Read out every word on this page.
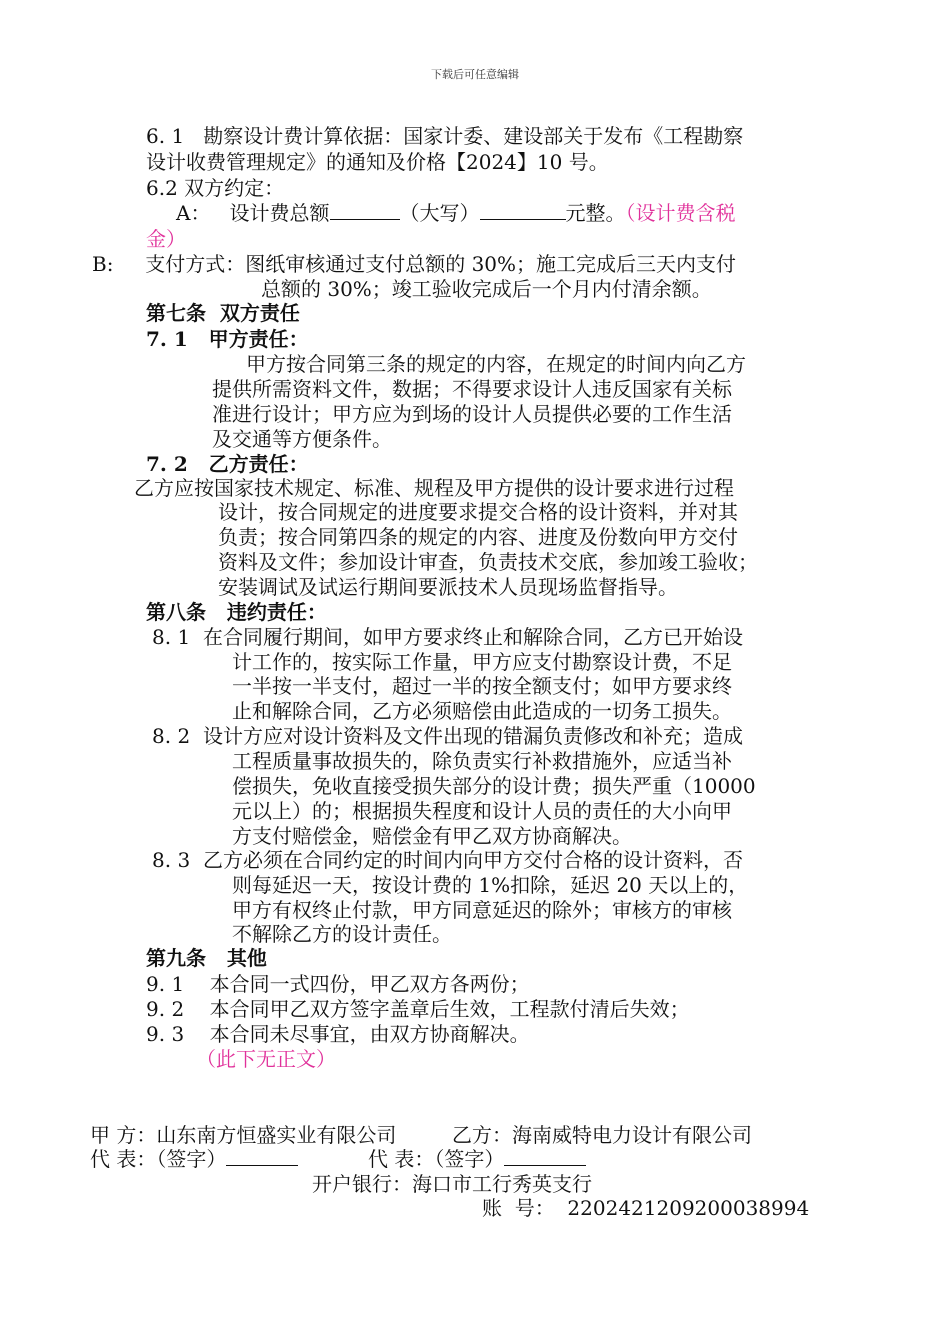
下载后可任意编辑
6. 1   勘察设计费计算依据：国家计委、建设部关于发布《工程勘察
设计收费管理规定》的通知及价格【2024】10 号。
6.2 双方约定：
A：   设计费总额	（大写）	元整。（设计费含税
金）
B:     支付方式：图纸审核通过支付总额的 30%；施工完成后三天内支付
总额的 30%；竣工验收完成后一个月内付清余额。
第七条  双方责任
7. 1   甲方责任：
甲方按合同第三条的规定的内容，在规定的时间内向乙方
提供所需资料文件，数据；不得要求设计人违反国家有关标
准进行设计；甲方应为到场的设计人员提供必要的工作生活
及交通等方便条件。
7. 2   乙方责任：
乙方应按国家技术规定、标准、规程及甲方提供的设计要求进行过程
设计，按合同规定的进度要求提交合格的设计资料，并对其
负责；按合同第四条的规定的内容、进度及份数向甲方交付
资料及文件；参加设计审查，负责技术交底，参加竣工验收；
安装调试及试运行期间要派技术人员现场监督指导。
第八条   违约责任：
8. 1 在合同履行期间，如甲方要求终止和解除合同，乙方已开始设
计工作的，按实际工作量，甲方应支付勘察设计费，不足
一半按一半支付，超过一半的按全额支付；如甲方要求终
止和解除合同，乙方必须赔偿由此造成的一切务工损失。
8. 2 设计方应对设计资料及文件出现的错漏负责修改和补充；造成
工程质量事故损失的，除负责实行补救措施外，应适当补
偿损失，免收直接受损失部分的设计费；损失严重（10000
元以上）的；根据损失程度和设计人员的责任的大小向甲
方支付赔偿金，赔偿金有甲乙双方协商解决。
8. 3 乙方必须在合同约定的时间内向甲方交付合格的设计资料，否
则每延迟一天，按设计费的 1%扣除，延迟 20 天以上的，
甲方有权终止付款，甲方同意延迟的除外；审核方的审核
不解除乙方的设计责任。
第九条   其他
9. 1    本合同一式四份，甲乙双方各两份；
9. 2    本合同甲乙双方签字盖章后生效，工程款付清后失效；
9. 3    本合同未尽事宜，由双方协商解决。
（此下无正文）
甲 方：山东南方恒盛实业有限公司	乙方：海南威特电力设计有限公司
代 表：（签字）	代 表：（签字）
开户银行：海口市工行秀英支行
账  号：  2202421209200038994
